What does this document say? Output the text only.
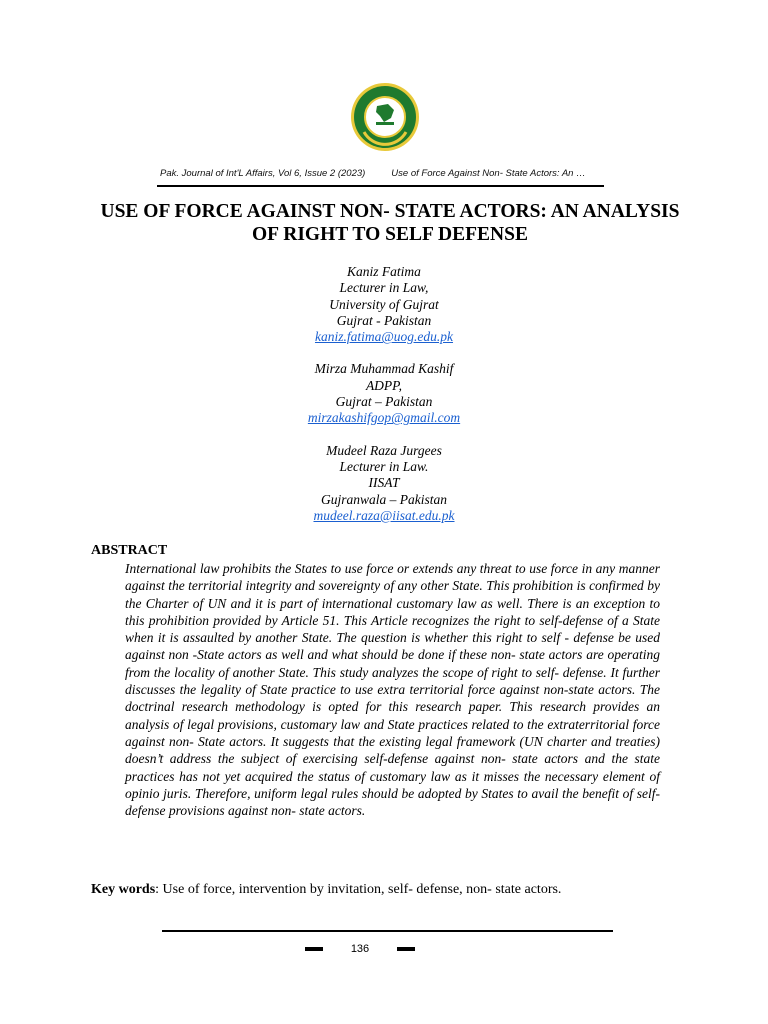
Pak. Journal of Int'L Affairs, Vol 6, Issue 2 (2023)	Use of Force Against Non- State Actors: An …
USE OF FORCE AGAINST NON- STATE ACTORS: AN ANALYSIS
OF RIGHT TO SELF DEFENSE
Kaniz Fatima
Lecturer in Law,
University of Gujrat
Gujrat - Pakistan
kaniz.fatima@uog.edu.pk
Mirza Muhammad Kashif
ADPP,
Gujrat – Pakistan
mirzakashifgop@gmail.com
Mudeel Raza Jurgees
Lecturer in Law.
IISAT
Gujranwala – Pakistan
mudeel.raza@iisat.edu.pk
ABSTRACT

International law prohibits the States to use force or extends any threat to use force in any manner against the territorial integrity and sovereignty of any other State. This prohibition is confirmed by the Charter of UN and it is part of international customary law as well. There is an exception to this prohibition provided by Article 51. This Article recognizes the right to self-defense of a State when it is assaulted by another State. The question is whether this right to self - defense be used against non -State actors as well and what should be done if these non- state actors are operating from the locality of another State. This study analyzes the scope of right to self- defense. It further discusses the legality of State practice to use extra territorial force against non-state actors. The doctrinal research methodology is opted for this research paper. This research provides an analysis of legal provisions, customary law and State practices related to the extraterritorial force against non- State actors. It suggests that the existing legal framework (UN charter and treaties) doesn’t address the subject of exercising self-defense against non- state actors and the state practices has not yet acquired the status of customary law as it misses the necessary element of opinio juris. Therefore, uniform legal rules should be adopted by States to avail the benefit of self- defense provisions against non- state actors.

Key words: Use of force, intervention by invitation, self- defense, non- state actors.
136
